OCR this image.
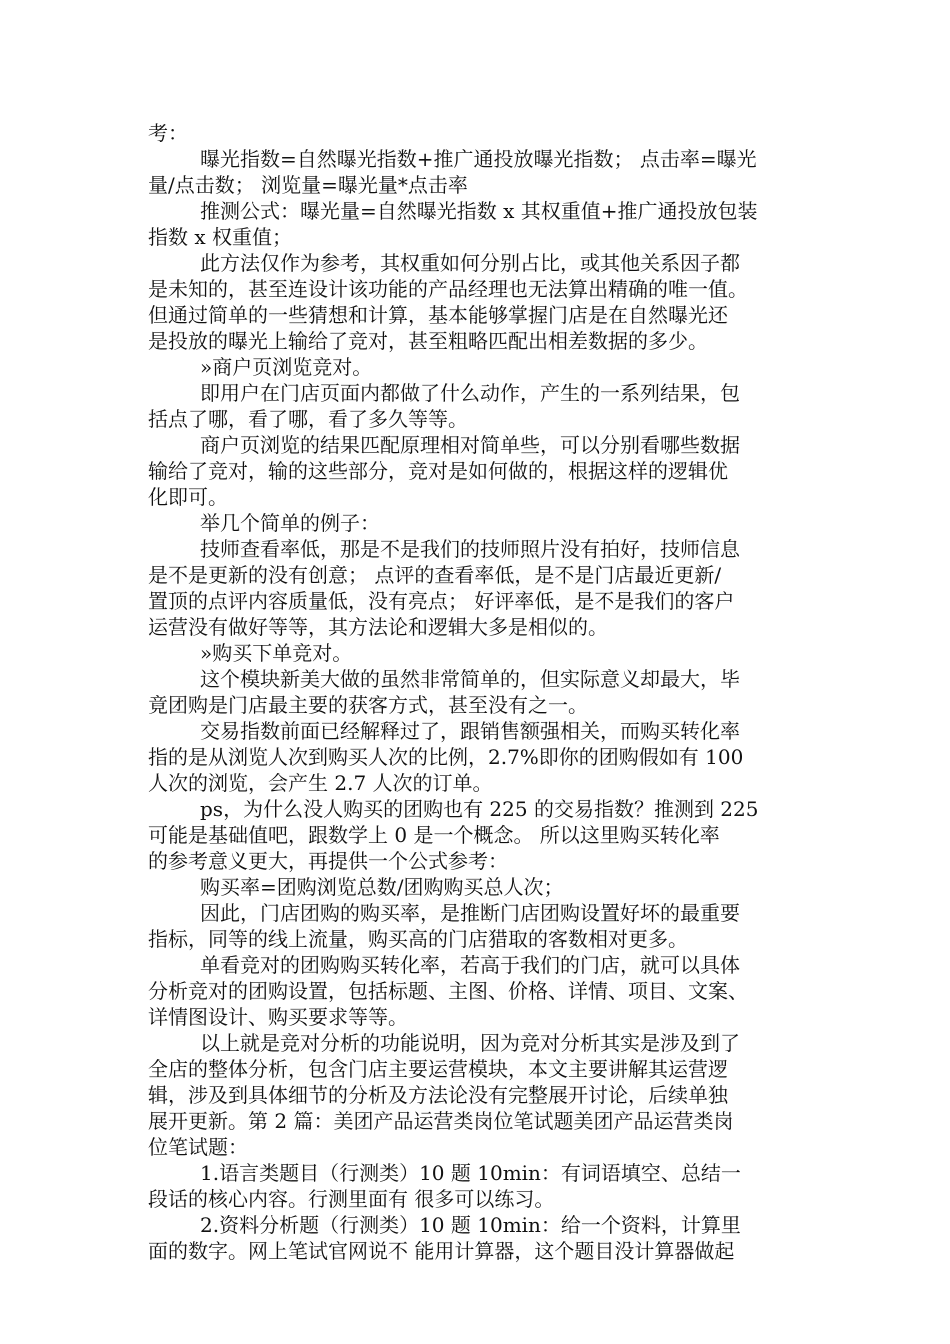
考：
曝光指数=自然曝光指数+推广通投放曝光指数； 点击率=曝光
量/点击数； 浏览量=曝光量*点击率
推测公式：曝光量=自然曝光指数 x 其权重值+推广通投放包装
指数 x 权重值；
此方法仅作为参考，其权重如何分别占比，或其他关系因子都
是未知的，甚至连设计该功能的产品经理也无法算出精确的唯一值。
但通过简单的一些猜想和计算，基本能够掌握门店是在自然曝光还
是投放的曝光上输给了竞对，甚至粗略匹配出相差数据的多少。
»商户页浏览竞对。
即用户在门店页面内都做了什么动作，产生的一系列结果，包
括点了哪，看了哪，看了多久等等。
商户页浏览的结果匹配原理相对简单些，可以分别看哪些数据
输给了竞对，输的这些部分，竞对是如何做的，根据这样的逻辑优
化即可。
举几个简单的例子：
技师查看率低，那是不是我们的技师照片没有拍好，技师信息
是不是更新的没有创意； 点评的查看率低，是不是门店最近更新/
置顶的点评内容质量低，没有亮点； 好评率低，是不是我们的客户
运营没有做好等等，其方法论和逻辑大多是相似的。
»购买下单竞对。
这个模块新美大做的虽然非常简单的，但实际意义却最大，毕
竟团购是门店最主要的获客方式，甚至没有之一。
交易指数前面已经解释过了，跟销售额强相关，而购买转化率
指的是从浏览人次到购买人次的比例，2.7%即你的团购假如有 100
人次的浏览，会产生 2.7 人次的订单。
ps，为什么没人购买的团购也有 225 的交易指数？推测到 225
可能是基础值吧，跟数学上 0 是一个概念。 所以这里购买转化率
的参考意义更大，再提供一个公式参考：
购买率=团购浏览总数/团购购买总人次；
因此，门店团购的购买率，是推断门店团购设置好坏的最重要
指标，同等的线上流量，购买高的门店猎取的客数相对更多。
单看竞对的团购购买转化率，若高于我们的门店，就可以具体
分析竞对的团购设置，包括标题、主图、价格、详情、项目、文案、
详情图设计、购买要求等等。
以上就是竞对分析的功能说明，因为竞对分析其实是涉及到了
全店的整体分析，包含门店主要运营模块，本文主要讲解其运营逻
辑，涉及到具体细节的分析及方法论没有完整展开讨论，后续单独
展开更新。第 2 篇：美团产品运营类岗位笔试题美团产品运营类岗
位笔试题：
1.语言类题目（行测类）10 题 10min：有词语填空、总结一
段话的核心内容。行测里面有 很多可以练习。
2.资料分析题（行测类）10 题 10min：给一个资料，计算里
面的数字。网上笔试官网说不 能用计算器，这个题目没计算器做起
